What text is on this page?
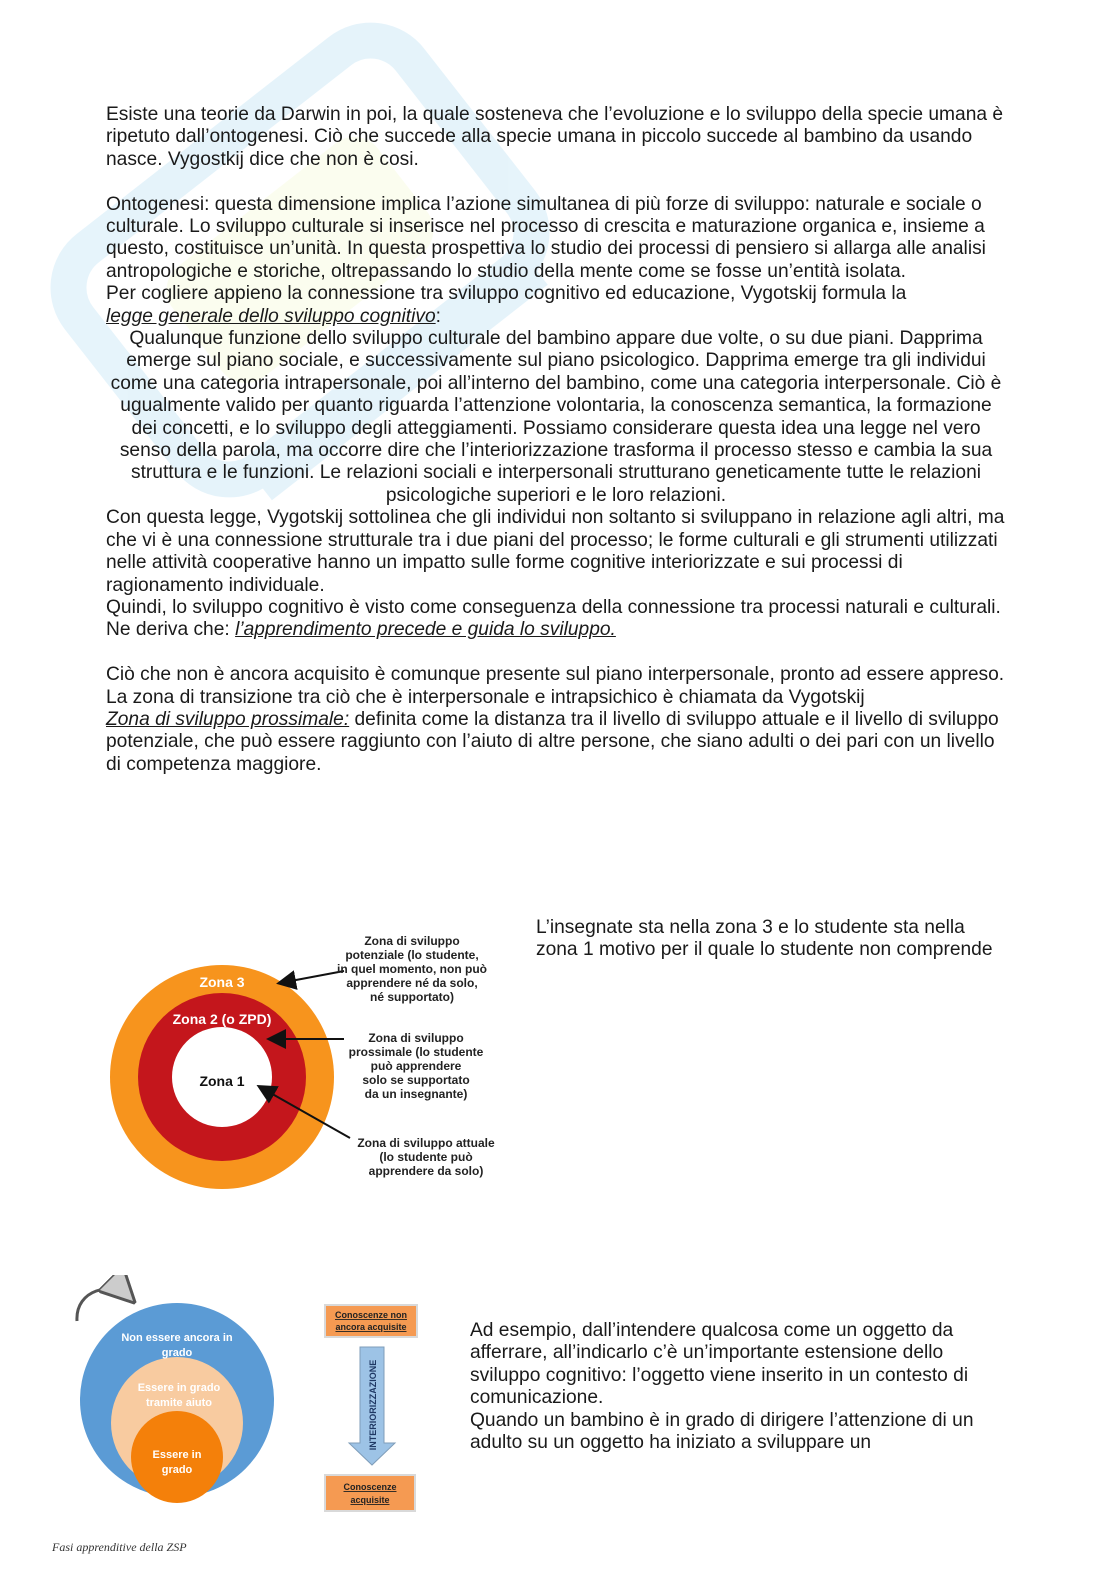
Esiste una teorie da Darwin in poi, la quale sosteneva che l’evoluzione e lo sviluppo della specie umana è ripetuto dall’ontogenesi. Ciò che succede alla specie umana in piccolo succede al bambino da usando nasce. Vygostkij dice che non è cosi.

Ontogenesi: questa dimensione implica l’azione simultanea di più forze di sviluppo: naturale e sociale o culturale. Lo sviluppo culturale si inserisce nel processo di crescita e maturazione organica e, insieme a questo, costituisce un’unità. In questa prospettiva lo studio dei processi di pensiero si allarga alle analisi antropologiche e storiche, oltrepassando lo studio della mente come se fosse un’entità isolata.

Per cogliere appieno la connessione tra sviluppo cognitivo ed educazione, Vygotskij formula la
legge generale dello sviluppo cognitivo:

Qualunque funzione dello sviluppo culturale del bambino appare due volte, o su due piani. Dapprima emerge sul piano sociale, e successivamente sul piano psicologico. Dapprima emerge tra gli individui come una categoria intrapersonale, poi all’interno del bambino, come una categoria interpersonale. Ciò è ugualmente valido per quanto riguarda l’attenzione volontaria, la conoscenza semantica, la formazione dei concetti, e lo sviluppo degli atteggiamenti. Possiamo considerare questa idea una legge nel vero senso della parola, ma occorre dire che l’interiorizzazione trasforma il processo stesso e cambia la sua struttura e le funzioni. Le relazioni sociali e interpersonali strutturano geneticamente tutte le relazioni psicologiche superiori e le loro relazioni.

Con questa legge, Vygotskij sottolinea che gli individui non soltanto si sviluppano in relazione agli altri, ma che vi è una connessione strutturale tra i due piani del processo; le forme culturali e gli strumenti utilizzati nelle attività cooperative hanno un impatto sulle forme cognitive interiorizzate e sui processi di ragionamento individuale.

Quindi, lo sviluppo cognitivo è visto come conseguenza della connessione tra processi naturali e culturali.

Ne deriva che: l’apprendimento precede e guida lo sviluppo.

Ciò che non è ancora acquisito è comunque presente sul piano interpersonale, pronto ad essere appreso. La zona di transizione tra ciò che è interpersonale e intrapsichico è chiamata da Vygotskij

Zona di sviluppo prossimale: definita come la distanza tra il livello di sviluppo attuale e il livello di sviluppo potenziale, che può essere raggiunto con l’aiuto di altre persone, che siano adulti o dei pari con un livello di competenza maggiore.

Zona 3
Zona 2 (o ZPD)
Zona 1
Zona di sviluppo
potenziale (lo studente,
in quel momento, non può
apprendere né da solo,
né supportato)
Zona di sviluppo
prossimale (lo studente
può apprendere
solo se supportato
da un insegnante)
Zona di sviluppo attuale
(lo studente può
apprendere da solo)

L’insegnate sta nella zona 3 e lo studente sta nella zona 1 motivo per il quale lo studente non comprende

Non essere ancora in
grado
Essere in grado
tramite aiuto
Essere in
grado
Conoscenze non
ancora acquisite
INTERIORIZZAZIONE
Conoscenze
acquisite

Ad esempio, dall’intendere qualcosa come un oggetto da afferrare, all’indicarlo c’è un’importante estensione dello sviluppo cognitivo: l’oggetto viene inserito in un contesto di comunicazione.

Quando un bambino è in grado di dirigere l’attenzione di un adulto su un oggetto ha iniziato a sviluppare un

Fasi apprenditive della ZSP
